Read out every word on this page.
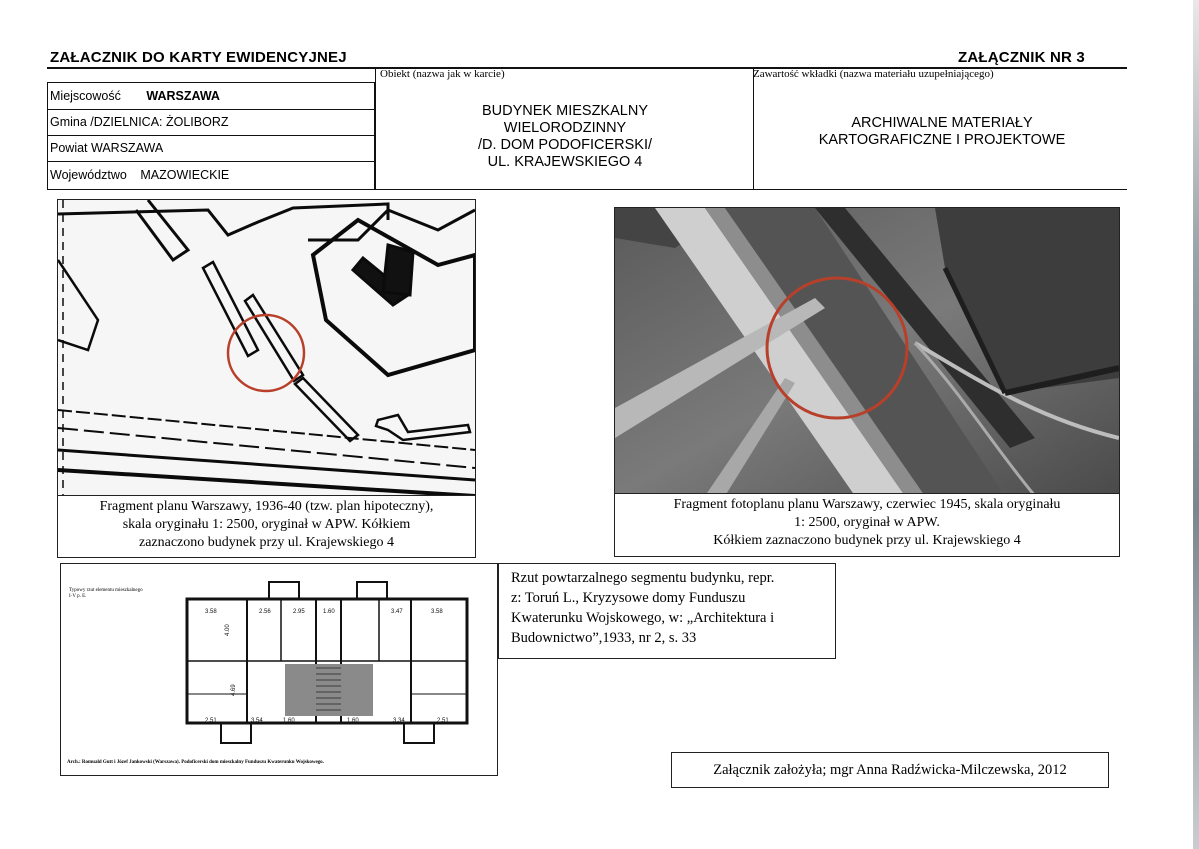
ZAŁACZNIK DO KARTY EWIDENCYJNEJ	ZAŁĄCZNIK NR 3
Miejscowość WARSZAWA
Gmina /DZIELNICA: ŻOLIBORZ
Powiat WARSZAWA
Województwo MAZOWIECKIE
Obiekt (nazwa jak w karcie)
BUDYNEK MIESZKALNY
WIELORODZINNY
/D. DOM PODOFICERSKI/
UL. KRAJEWSKIEGO 4
Zawartość wkładki (nazwa materiału uzupełniającego)
ARCHIWALNE MATERIAŁY
KARTOGRAFICZNE I PROJEKTOWE
Fragment planu Warszawy, 1936-40 (tzw. plan hipoteczny),
skala oryginału 1: 2500, oryginał w APW. Kółkiem
zaznaczono budynek przy ul. Krajewskiego 4
Fragment fotoplanu planu Warszawy, czerwiec 1945, skala oryginału
1: 2500, oryginał w APW.
Kółkiem zaznaczono budynek przy ul. Krajewskiego 4
Typowy rzut elementu mieszkalnego
I·V p. E.
3.58	2.56	2.95	1.60	3.47	3.58
4.00
4.69
2.51	3.54	1.60	1.60	3.34	2.51
Arch.: Romuald Gutt i Józef Jankowski (Warszawa). Podoficerski dom mieszkalny Funduszu Kwaterunku Wojskowego.
Rzut powtarzalnego segmentu budynku, repr.
z: Toruń L., Kryzysowe domy Funduszu
Kwaterunku Wojskowego, w: „Architektura i
Budownictwo”,1933, nr 2, s. 33
Załącznik założyła; mgr Anna Radźwicka-Milczewska, 2012
